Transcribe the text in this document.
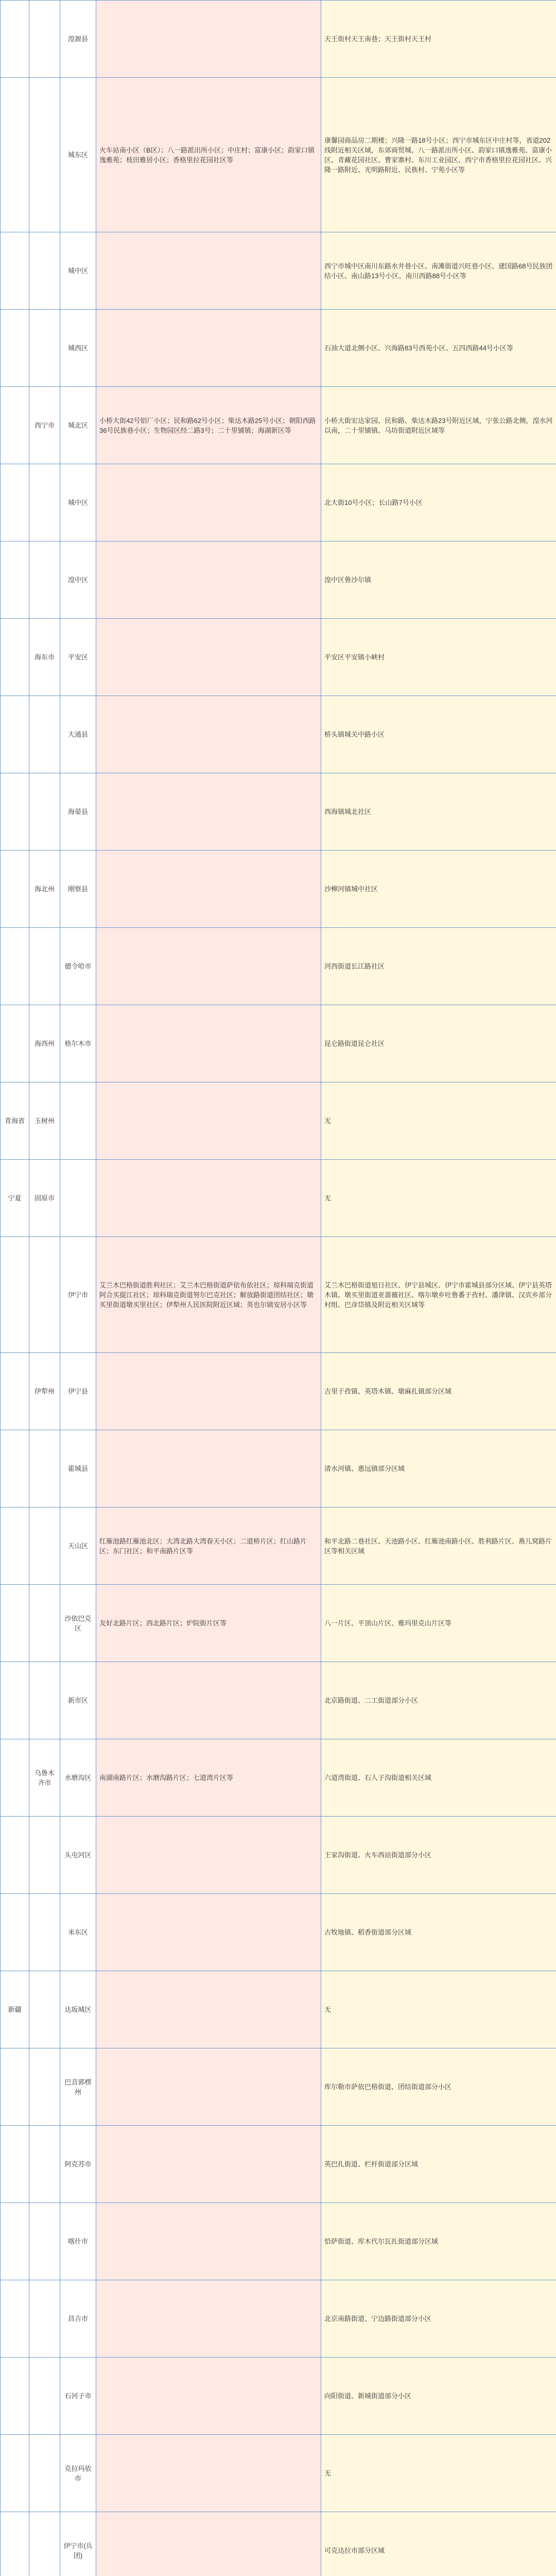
		湟源县		天王街村天王南巷；天王街村天王村
		城东区	火车站南小区（B区）；八一路派出所小区；中庄村；富康小区；韵家口镇逸雅苑；枝田雅居小区；香格里拉花园社区等	康馨园商品房二期楼；兴隆一路18号小区；西宁市城东区中庄村等，省道202线附近相关区域，东郊商贸城、八一路派出所小区、韵家口镇逸雅苑、富康小区、青藏花园社区、曹家寨村、东川工业园区、西宁市香格里拉花园社区、兴隆一路附近、光明路附近、民族村、宁苑小区等
		城中区		西宁市城中区南川东路水井巷小区、南滩街道兴旺巷小区、建国路68号民族团结小区、南山路13号小区、南川西路88号小区等
		城西区		石油大道北侧小区、兴海路83号西苑小区、五四西路44号小区等
	西宁市	城北区	小桥大街42号铝厂小区；民和路62号小区；柴达木路25号小区；朝阳西路36号民族巷小区；生物园区经二路3号；二十里铺镇；海湖新区等	小桥大街宏达家园、民和路、柴达木路23号附近区域，宁张公路北侧，湟水河以南，二十里铺镇、马坊街道附近区域等
		城中区		北大街10号小区；长山路7号小区
		湟中区		湟中区鲁沙尔镇
	海东市	平安区		平安区平安镇小峡村
		大通县		桥头镇城关中路小区
		海晏县		西海镇城北社区
	海北州	刚察县		沙柳河镇城中社区
		德令哈市		河西街道长江路社区
	海西州	格尔木市		昆仑路街道昆仑社区
青海省	玉树州			无
宁夏	固原市			无
		伊宁市	艾兰木巴格街道胜利社区；艾兰木巴格街道萨依布依社区；琼科瑞克街道阿合买提江社区；琼科瑞克街道努尔巴克社区；解放路街道团结社区；墩买里街道墩买里社区；伊犁州人民医院附近区域；英也尔镇安居小区等	艾兰木巴格街道旭日社区、伊宁县城区、伊宁市霍城县部分区域、伊宁县英塔木镇、墩买里街道亚蔷薇社区、喀尔墩乡吐鲁番于孜村、潘津镇、汉宾乡部分村组、巴彦岱镇及附近相关区域等
	伊犁州	伊宁县		吉里于孜镇、英塔木镇、墩麻扎镇部分区域
		霍城县		清水河镇、惠远镇部分区域
		天山区	红雁池路红雁池北区；大湾北路大湾春天小区；二道桥片区；红山路片区；东门社区；和平南路片区等	和平北路二巷社区、天池路小区、红雁池南路小区、胜利路片区、燕儿窝路片区等相关区域
		沙依巴克区	友好北路片区；西北路片区；炉院街片区等	八一片区、平顶山片区、雅玛里克山片区等
		新市区		北京路街道、二工街道部分小区
	乌鲁木齐市	水磨沟区	南湖南路片区；水磨沟路片区；七道湾片区等	六道湾街道、石人子沟街道相关区域
		头屯河区		王家沟街道、火车西站街道部分小区
		米东区		古牧地镇、稻香街道部分区域
新疆		达坂城区		无
		巴音郭楞州		库尔勒市萨依巴格街道、团结街道部分小区
		阿克苏市		英巴扎街道、栏杆街道部分区域
		喀什市		恰萨街道、库木代尔瓦扎街道部分区域
		昌吉市		北京南路街道、宁边路街道部分小区
		石河子市		向阳街道、新城街道部分小区
		克拉玛依市		无
		伊宁市(兵团)		可克达拉市部分区域
